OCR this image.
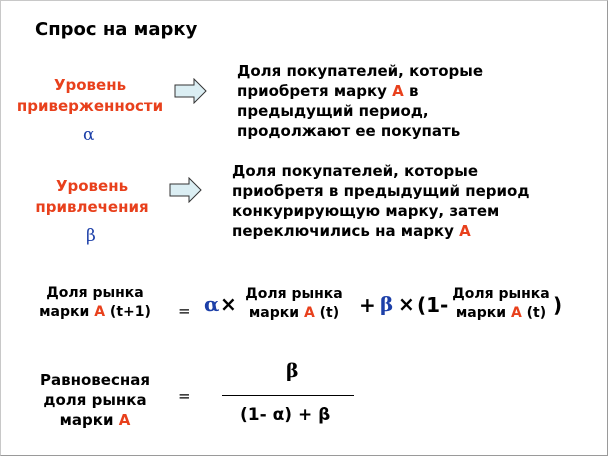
Спрос на марку
Уровень
приверженности
α
Доля покупателей, которые
приобретя марку А в
предыдущий период,
продолжают ее покупать
Уровень
привлечения
β
Доля покупателей, которые
приобретя в предыдущий период
конкурирующую марку, затем
переключились на марку А
Доля рынка
марки А (t+1)	= α × Доля рынка
марки А (t) + β × (1- Доля рынка
марки А (t) )
Равновесная
доля рынка
марки А
=
β
(1- α) + β
